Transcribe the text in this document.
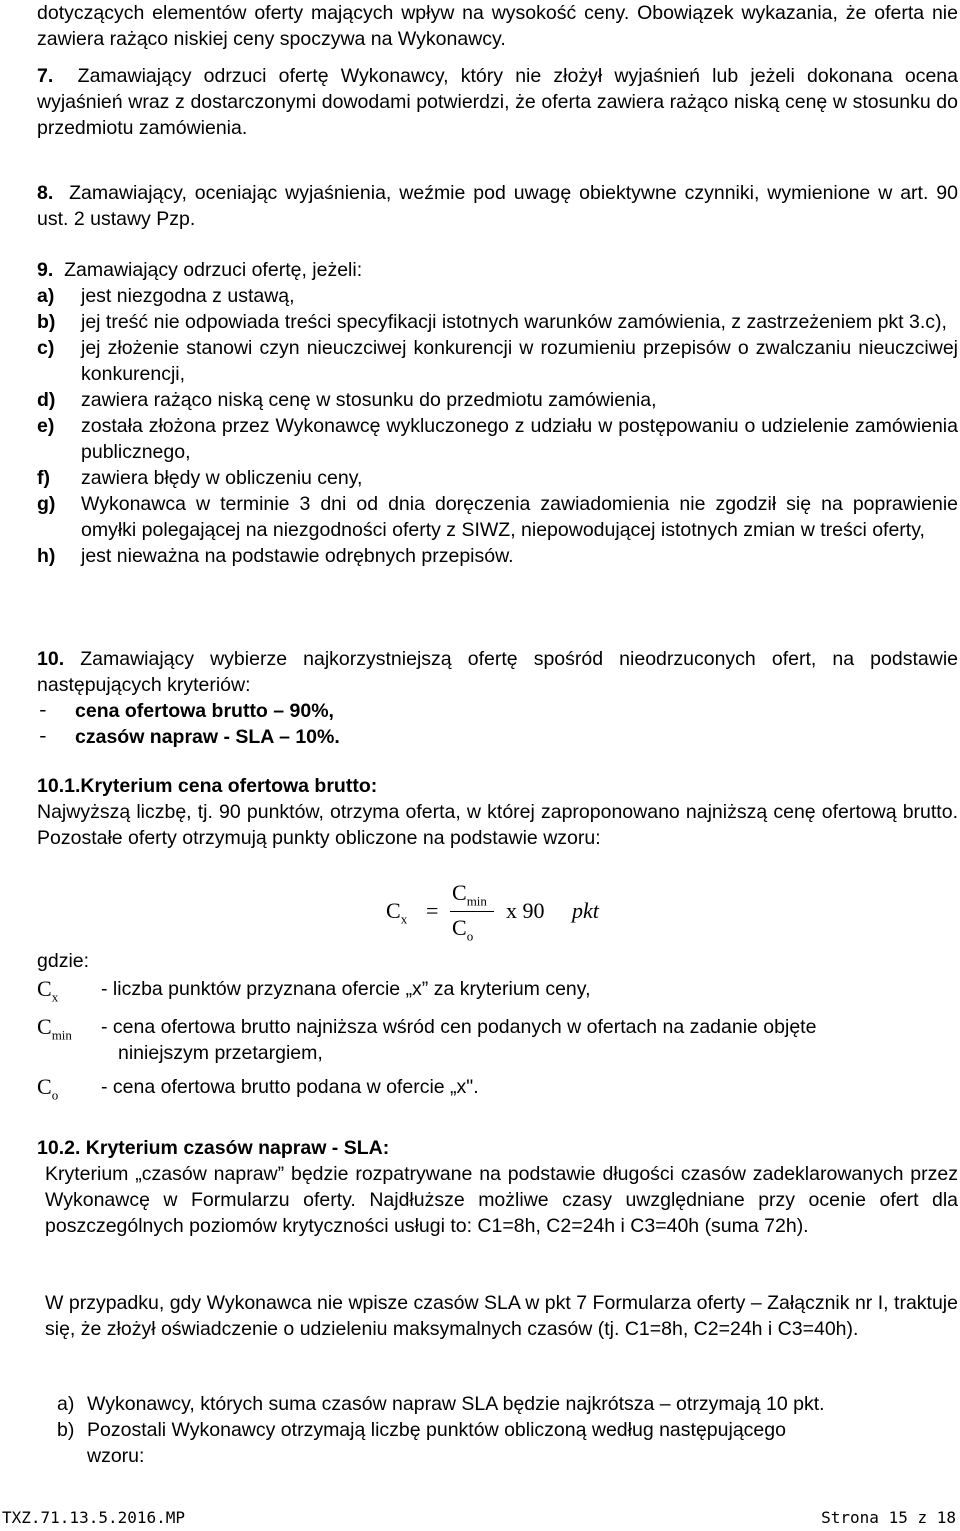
dotyczących elementów oferty mających wpływ na wysokość ceny. Obowiązek wykazania, że oferta nie zawiera rażąco niskiej ceny spoczywa na Wykonawcy.

7. Zamawiający odrzuci ofertę Wykonawcy, który nie złożył wyjaśnień lub jeżeli dokonana ocena wyjaśnień wraz z dostarczonymi dowodami potwierdzi, że oferta zawiera rażąco niską cenę w stosunku do przedmiotu zamówienia.

8. Zamawiający, oceniając wyjaśnienia, weźmie pod uwagę obiektywne czynniki, wymienione w art. 90 ust. 2 ustawy Pzp.

9. Zamawiający odrzuci ofertę, jeżeli:

a)	jest niezgodna z ustawą,
b)	jej treść nie odpowiada treści specyfikacji istotnych warunków zamówienia, z zastrzeżeniem pkt 3.c),
c)	jej złożenie stanowi czyn nieuczciwej konkurencji w rozumieniu przepisów o zwalczaniu nieuczciwej konkurencji,
d)	zawiera rażąco niską cenę w stosunku do przedmiotu zamówienia,
e)	została złożona przez Wykonawcę wykluczonego z udziału w postępowaniu o udzielenie zamówienia publicznego,
f)	zawiera błędy w obliczeniu ceny,
g)	Wykonawca w terminie 3 dni od dnia doręczenia zawiadomienia nie zgodził się na poprawienie omyłki polegającej na niezgodności oferty z SIWZ, niepowodującej istotnych zmian w treści oferty,
h)	jest nieważna na podstawie odrębnych przepisów.

10. Zamawiający wybierze najkorzystniejszą ofertę spośród nieodrzuconych ofert, na podstawie następujących kryteriów:

-	cena ofertowa brutto – 90%,
-	czasów napraw - SLA – 10%.

10.1.Kryterium cena ofertowa brutto:

Najwyższą liczbę, tj. 90 punktów, otrzyma oferta, w której zaproponowano najniższą cenę ofertową brutto. Pozostałe oferty otrzymują punkty obliczone na podstawie wzoru:

$C_x$ =
$C_{min}$
$C_o$
x 90 pkt
gdzie:
$C_x$	- liczba punktów przyznana ofercie „x” za kryterium ceny,
$C_{min}$	- cena ofertowa brutto najniższa wśród cen podanych w ofertach na zadanie objęte
niniejszym przetargiem,
$C_o$	- cena ofertowa brutto podana w ofercie „x".

10.2. Kryterium czasów napraw - SLA:

Kryterium „czasów napraw” będzie rozpatrywane na podstawie długości czasów zadeklarowanych przez Wykonawcę w Formularzu oferty. Najdłuższe możliwe czasy uwzględniane przy ocenie ofert dla poszczególnych poziomów krytyczności usługi to: C1=8h, C2=24h i C3=40h (suma 72h).

W przypadku, gdy Wykonawca nie wpisze czasów SLA w pkt 7 Formularza oferty – Załącznik nr I, traktuje się, że złożył oświadczenie o udzieleniu maksymalnych czasów (tj. C1=8h, C2=24h i C3=40h).

a) Wykonawcy, których suma czasów napraw SLA będzie najkrótsza – otrzymają 10 pkt.
b) Pozostali Wykonawcy otrzymają liczbę punktów obliczoną według następującego
wzoru:
TXZ.71.13.5.2016.MP	Strona 15 z 18
